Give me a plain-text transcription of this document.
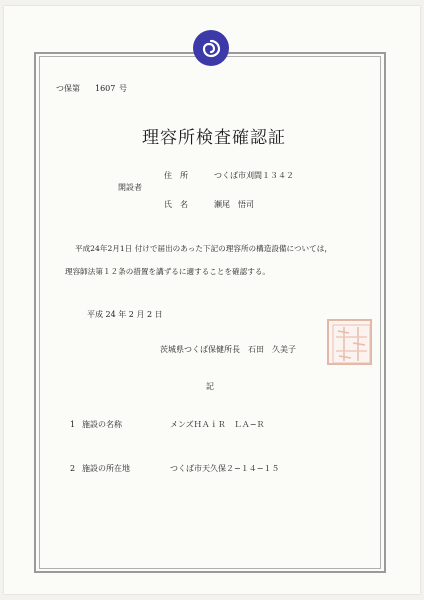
つ保第 1607 号
理容所検査確認証
開設者
住　所	つくば市刈間１３４２
氏　名	瀬尾　悟司
平成24年2月1日 付けで届出のあった下記の理容所の構造設備については，
理容師法第１２条の措置を講ずるに適することを確認する。
平成 24 年 2 月 2 日
茨城県つくば保健所長　石田　久美子
記
1 施設の名称	メンズＨＡｉＲ　ＬＡ−Ｒ
2 施設の所在地	つくば市天久保２−１４−１５
